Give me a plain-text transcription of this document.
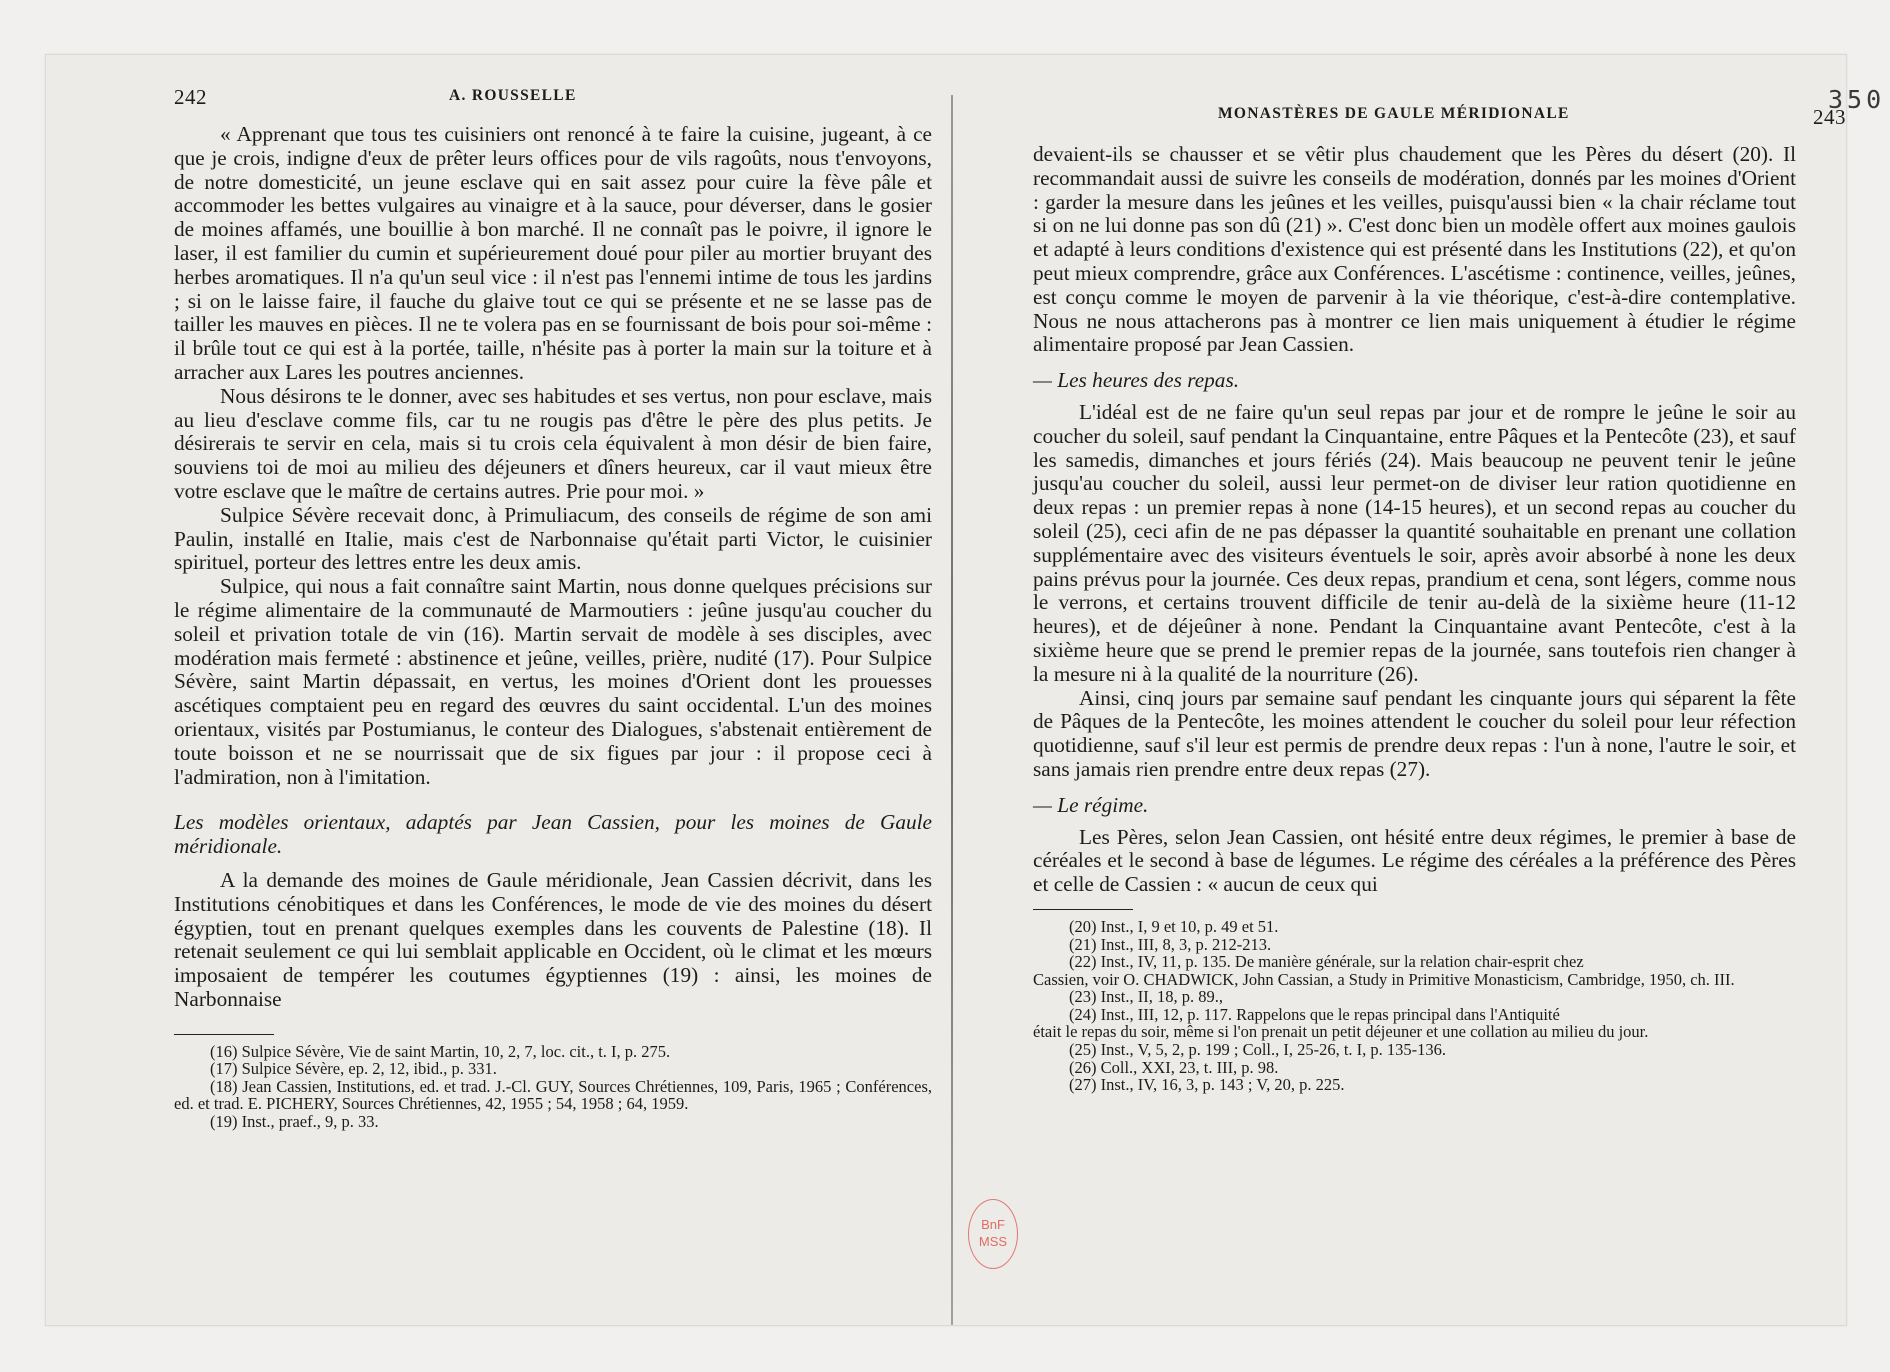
242	A. ROUSSELLE

« Apprenant que tous tes cuisiniers ont renoncé à te faire la cuisine, jugeant, à ce que je crois, indigne d'eux de prêter leurs offices pour de vils ragoûts, nous t'envoyons, de notre domesticité, un jeune esclave qui en sait assez pour cuire la fève pâle et accommoder les bettes vulgaires au vinaigre et à la sauce, pour déverser, dans le gosier de moines affamés, une bouillie à bon marché. Il ne connaît pas le poivre, il ignore le laser, il est familier du cumin et supérieurement doué pour piler au mortier bruyant des herbes aromatiques. Il n'a qu'un seul vice : il n'est pas l'ennemi intime de tous les jardins ; si on le laisse faire, il fauche du glaive tout ce qui se présente et ne se lasse pas de tailler les mauves en pièces. Il ne te volera pas en se fournissant de bois pour soi-même : il brûle tout ce qui est à la portée, taille, n'hésite pas à porter la main sur la toiture et à arracher aux Lares les poutres anciennes.

Nous désirons te le donner, avec ses habitudes et ses vertus, non pour esclave, mais au lieu d'esclave comme fils, car tu ne rougis pas d'être le père des plus petits. Je désirerais te servir en cela, mais si tu crois cela équivalent à mon désir de bien faire, souviens toi de moi au milieu des déjeuners et dîners heureux, car il vaut mieux être votre esclave que le maître de certains autres. Prie pour moi. »

Sulpice Sévère recevait donc, à Primuliacum, des conseils de régime de son ami Paulin, installé en Italie, mais c'est de Narbonnaise qu'était parti Victor, le cuisinier spirituel, porteur des lettres entre les deux amis.

Sulpice, qui nous a fait connaître saint Martin, nous donne quelques précisions sur le régime alimentaire de la communauté de Marmoutiers : jeûne jusqu'au coucher du soleil et privation totale de vin (16). Martin servait de modèle à ses disciples, avec modération mais fermeté : abstinence et jeûne, veilles, prière, nudité (17). Pour Sulpice Sévère, saint Martin dépassait, en vertus, les moines d'Orient dont les prouesses ascétiques comptaient peu en regard des œuvres du saint occidental. L'un des moines orientaux, visités par Postumianus, le conteur des Dialogues, s'abstenait entièrement de toute boisson et ne se nourrissait que de six figues par jour : il propose ceci à l'admiration, non à l'imitation.

Les modèles orientaux, adaptés par Jean Cassien, pour les moines de Gaule méridionale.

A la demande des moines de Gaule méridionale, Jean Cassien décrivit, dans les Institutions cénobitiques et dans les Conférences, le mode de vie des moines du désert égyptien, tout en prenant quelques exemples dans les couvents de Palestine (18). Il retenait seulement ce qui lui semblait applicable en Occident, où le climat et les mœurs imposaient de tempérer les coutumes égyptiennes (19) : ainsi, les moines de Narbonnaise

(16) Sulpice Sévère, Vie de saint Martin, 10, 2, 7, loc. cit., t. I, p. 275.

(17) Sulpice Sévère, ep. 2, 12, ibid., p. 331.

(18) Jean Cassien, Institutions, ed. et trad. J.-Cl. GUY, Sources Chrétiennes, 109, Paris, 1965 ; Conférences, ed. et trad. E. PICHERY, Sources Chrétiennes, 42, 1955 ; 54, 1958 ; 64, 1959.

(19) Inst., praef., 9, p. 33.

BnF
MSS
MONASTÈRES DE GAULE MÉRIDIONALE	243

devaient-ils se chausser et se vêtir plus chaudement que les Pères du désert (20). Il recommandait aussi de suivre les conseils de modération, donnés par les moines d'Orient : garder la mesure dans les jeûnes et les veilles, puisqu'aussi bien « la chair réclame tout si on ne lui donne pas son dû (21) ». C'est donc bien un modèle offert aux moines gaulois et adapté à leurs conditions d'existence qui est présenté dans les Institutions (22), et qu'on peut mieux comprendre, grâce aux Conférences. L'ascétisme : continence, veilles, jeûnes, est conçu comme le moyen de parvenir à la vie théorique, c'est-à-dire contemplative. Nous ne nous attacherons pas à montrer ce lien mais uniquement à étudier le régime alimentaire proposé par Jean Cassien.

— Les heures des repas.

L'idéal est de ne faire qu'un seul repas par jour et de rompre le jeûne le soir au coucher du soleil, sauf pendant la Cinquantaine, entre Pâques et la Pentecôte (23), et sauf les samedis, dimanches et jours fériés (24). Mais beaucoup ne peuvent tenir le jeûne jusqu'au coucher du soleil, aussi leur permet-on de diviser leur ration quotidienne en deux repas : un premier repas à none (14-15 heures), et un second repas au coucher du soleil (25), ceci afin de ne pas dépasser la quantité souhaitable en prenant une collation supplémentaire avec des visiteurs éventuels le soir, après avoir absorbé à none les deux pains prévus pour la journée. Ces deux repas, prandium et cena, sont légers, comme nous le verrons, et certains trouvent difficile de tenir au-delà de la sixième heure (11-12 heures), et de déjeûner à none. Pendant la Cinquantaine avant Pentecôte, c'est à la sixième heure que se prend le premier repas de la journée, sans toutefois rien changer à la mesure ni à la qualité de la nourriture (26).

Ainsi, cinq jours par semaine sauf pendant les cinquante jours qui séparent la fête de Pâques de la Pentecôte, les moines attendent le coucher du soleil pour leur réfection quotidienne, sauf s'il leur est permis de prendre deux repas : l'un à none, l'autre le soir, et sans jamais rien prendre entre deux repas (27).

— Le régime.

Les Pères, selon Jean Cassien, ont hésité entre deux régimes, le premier à base de céréales et le second à base de légumes. Le régime des céréales a la préférence des Pères et celle de Cassien : « aucun de ceux qui

(20) Inst., I, 9 et 10, p. 49 et 51.

(21) Inst., III, 8, 3, p. 212-213.

(22) Inst., IV, 11, p. 135. De manière générale, sur la relation chair-esprit chez

Cassien, voir O. CHADWICK, John Cassian, a Study in Primitive Monasticism, Cambridge, 1950, ch. III.

(23) Inst., II, 18, p. 89.,

(24) Inst., III, 12, p. 117. Rappelons que le repas principal dans l'Antiquité

était le repas du soir, même si l'on prenait un petit déjeuner et une collation au milieu du jour.

(25) Inst., V, 5, 2, p. 199 ; Coll., I, 25-26, t. I, p. 135-136.

(26) Coll., XXI, 23, t. III, p. 98.

(27) Inst., IV, 16, 3, p. 143 ; V, 20, p. 225.

350
